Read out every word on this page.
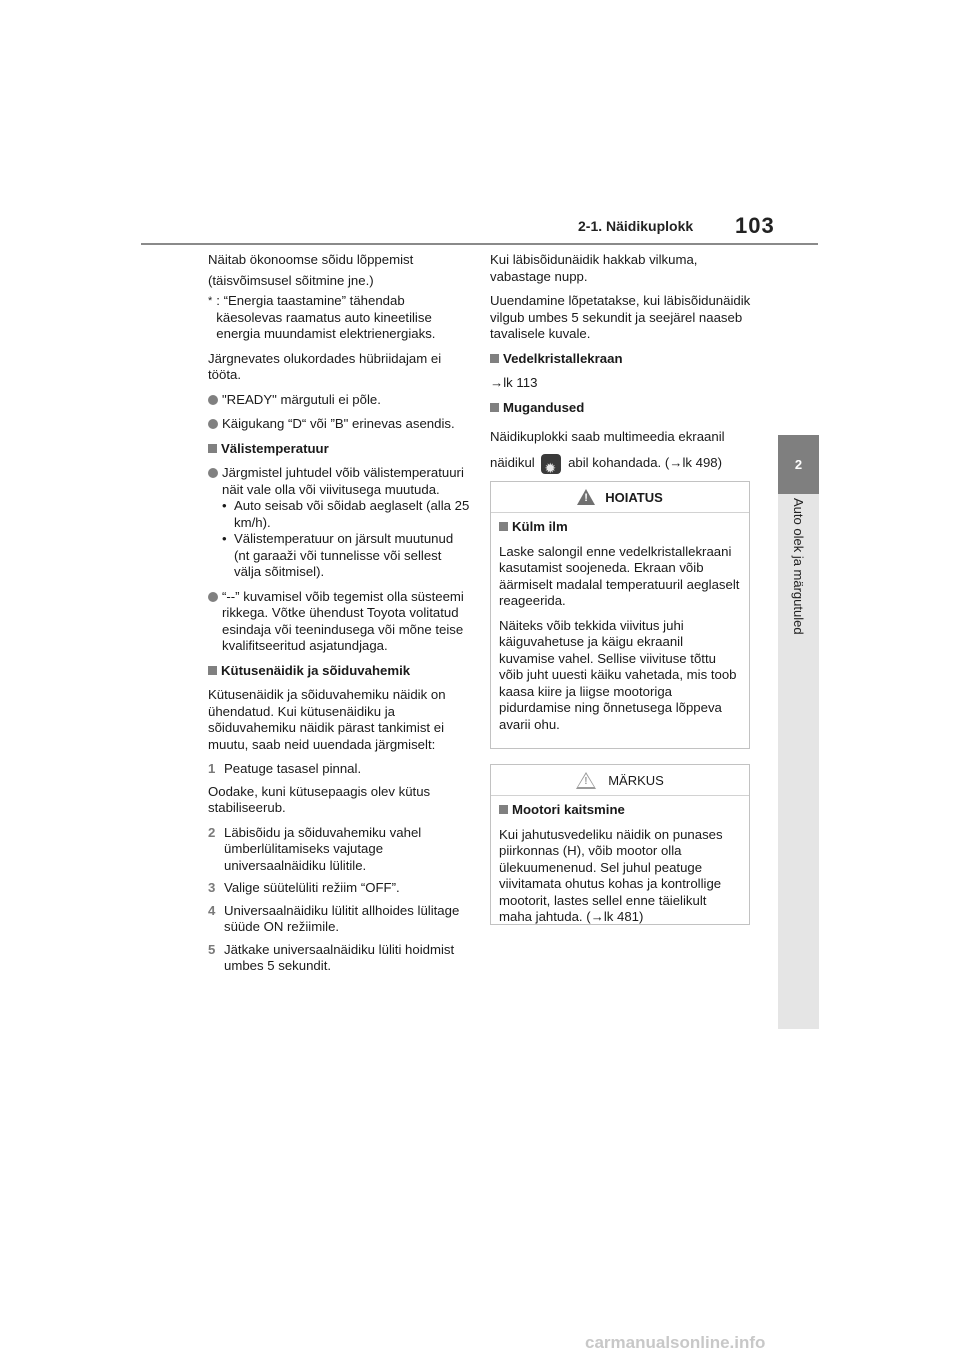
2-1. Näidikuplokk 103
2
Auto olek ja märgutuled

Näitab ökonoomse sõidu lõppemist

(täisvõimsusel sõitmine jne.)

* : “Energia taastamine” tähendab käesolevas raamatus auto kineetilise energia muundamist elektrienergiaks.

Järgnevates olukordades hübriidajam ei tööta.

"READY" märgutuli ei põle.
Käigukang “D“ või ”B" erinevas asendis.
Välistemperatuur
Järgmistel juhtudel võib välistemperatuuri näit vale olla või viivitusega muutuda.
• Auto seisab või sõidab aeglaselt (alla 25 km/h).
• Välistemperatuur on järsult muutunud (nt garaaži või tunnelisse või sellest välja sõitmisel).
“--” kuvamisel võib tegemist olla süsteemi rikkega. Võtke ühendust Toyota volitatud esindaja või teenindusega või mõne teise kvalifitseeritud asjatundjaga.
Kütusenäidik ja sõiduvahemik

Kütusenäidik ja sõiduvahemiku näidik on ühendatud. Kui kütusenäidiku ja sõiduvahemiku näidik pärast tankimist ei muutu, saab neid uuendada järgmiselt:

1 Peatuge tasasel pinnal.

Oodake, kuni kütusepaagis olev kütus stabiliseerub.

2 Läbisõidu ja sõiduvahemiku vahel ümberlülitamiseks vajutage universaalnäidiku lülitile.
3 Valige süütelüliti režiim “OFF”.
4 Universaalnäidiku lülitit allhoides lülitage süüde ON režiimile.
5 Jätkake universaalnäidiku lüliti hoidmist umbes 5 sekundit.

Kui läbisõidunäidik hakkab vilkuma, vabastage nupp.

Uuendamine lõpetatakse, kui läbisõidunäidik vilgub umbes 5 sekundit ja seejärel naaseb tavalisele kuvale.

Vedelkristallekraan

→lk 113

Mugandused

Näidikuplokki saab multimeedia ekraanil näidikul ✹	abil kohandada. (→lk 498)

!
HOIATUS
Külm ilm

Laske salongil enne vedelkristallekraani kasutamist soojeneda. Ekraan võib äärmiselt madalal temperatuuril aeglaselt reageerida.

Näiteks võib tekkida viivitus juhi käiguvahetuse ja käigu ekraanil kuvamise vahel. Sellise viivituse tõttu võib juht uuesti käiku vahetada, mis toob kaasa kiire ja liigse mootoriga pidurdamise ning õnnetusega lõppeva avarii ohu.

!
MÄRKUS
Mootori kaitsmine

Kui jahutusvedeliku näidik on punases piirkonnas (H), võib mootor olla ülekuumenenud. Sel juhul peatuge viivitamata ohutus kohas ja kontrollige mootorit, lastes sellel enne täielikult maha jahtuda. (→lk 481)

carmanualsonline.info
